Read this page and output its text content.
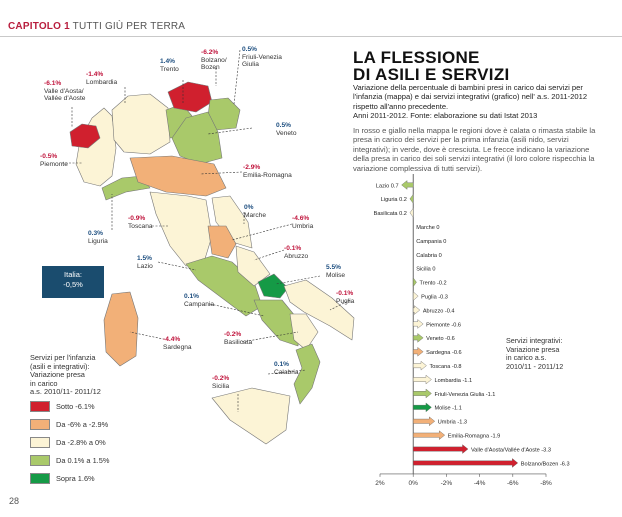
CAPITOLO 1 TUTTI GIÙ PER TERRA
-6.1%
Valle d'Aosta/
Vallée d'Aoste
-1.4%
Lombardia
1.4%
Trento
-6.2%
Bolzano/
Bozen
0.5%
Friuli-Venezia
Giulia
0.5%
Veneto
-0.5%
Piemonte	-2.9%
Emilia-Romagna
0.3%
Liguria
-0.9%
Toscana
0%
Marche	-4.6%
Umbria
-0.1%
Abruzzo
1.5%
Lazio	5.5%
Molise
0.1%
Campania
-0.1%
Puglia
-4.4%
Sardegna
-0.2%
Basilicata
0.1%
Calabria
-0.2%
Sicilia
Italia:
-0,5%
Servizi per l'infanzia
(asili e integrativi):
Variazione presa
in carico
a.s. 2010/11- 2011/12
Sotto -6.1%
Da -6% a -2.9%
Da -2.8% a 0%
Da 0.1% a 1.5%
Sopra 1.6%
LA FLESSIONE
DI ASILI E SERVIZI
Variazione della percentuale di bambini presi in carico dai servizi per l'infanzia (mappa) e dai servizi integrativi (grafico) nell' a.s. 2011-2012 rispetto all'anno precedente.
Anni 2011-2012. Fonte: elaborazione su dati Istat 2013
In rosso e giallo nella mappa le regioni dove è calata o rimasta stabile la presa in carico dei servizi per la prima infanzia (asili nido, servizi integrativi); in verde, dove è cresciuta. Le frecce indicano la variazione della presa in carico dei soli servizi integrativi (il loro colore rispecchia la variazione complessiva di tutti servizi).
2%	0%	-2%	-4%	-6%	-8%
Lazio 0.7
Liguria 0.2
Basilicata 0.2
Marche 0
Campania 0
Calabria 0
Sicilia 0
Trento -0.2
Puglia -0.3
Abruzzo -0.4
Piemonte -0.6
Veneto -0.6
Sardegna -0.6
Toscana -0.8
Lombardia -1.1
Friuli-Venezia Giulia -1.1
Molise -1.1
Umbria -1.3
Emilia-Romagna -1.9
Valle d'Aosta/Vallée d'Aoste -3.3
Bolzano/Bozen -6.3
Servizi integrativi:
Variazione presa
in carico a.s.
2010/11 - 2011/12
28
